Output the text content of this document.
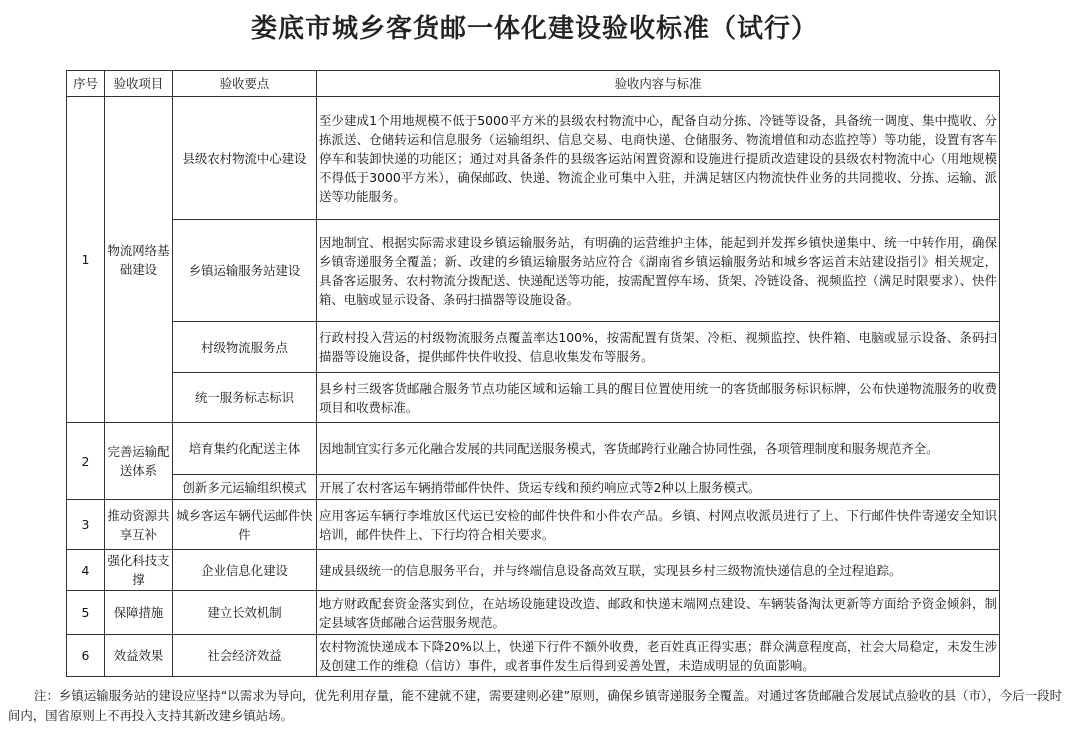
娄底市城乡客货邮一体化建设验收标准（试行）
序号	验收项目	验收要点	验收内容与标准
1	物流网络基础建设	县级农村物流中心建设	至少建成1个用地规模不低于5000平方米的县级农村物流中心，配备自动分拣、冷链等设备，具备统一调度、集中揽收、分拣派送、仓储转运和信息服务（运输组织、信息交易、电商快递、仓储服务、物流增值和动态监控等）等功能，设置有客车停车和装卸快递的功能区；通过对具备条件的县级客运站闲置资源和设施进行提质改造建设的县级农村物流中心（用地规模不得低于3000平方米），确保邮政、快递、物流企业可集中入驻，并满足辖区内物流快件业务的共同揽收、分拣、运输、派送等功能服务。
		乡镇运输服务站建设	因地制宜、根据实际需求建设乡镇运输服务站，有明确的运营维护主体，能起到并发挥乡镇快递集中、统一中转作用，确保乡镇寄递服务全覆盖；新、改建的乡镇运输服务站应符合《湖南省乡镇运输服务站和城乡客运首末站建设指引》相关规定，具备客运服务、农村物流分拨配送、快递配送等功能，按需配置停车场、货架、冷链设备、视频监控（满足时限要求）、快件箱、电脑或显示设备、条码扫描器等设施设备。
		村级物流服务点	行政村投入营运的村级物流服务点覆盖率达100%，按需配置有货架、冷柜、视频监控、快件箱、电脑或显示设备、条码扫描器等设施设备，提供邮件快件收投、信息收集发布等服务。
		统一服务标志标识	县乡村三级客货邮融合服务节点功能区域和运输工具的醒目位置使用统一的客货邮服务标识标牌，公布快递物流服务的收费项目和收费标准。
2	完善运输配送体系	培育集约化配送主体	因地制宜实行多元化融合发展的共同配送服务模式，客货邮跨行业融合协同性强，各项管理制度和服务规范齐全。
		创新多元运输组织模式	开展了农村客运车辆捎带邮件快件、货运专线和预约响应式等2种以上服务模式。
3	推动资源共享互补	城乡客运车辆代运邮件快件	应用客运车辆行李堆放区代运已安检的邮件快件和小件农产品。乡镇、村网点收派员进行了上、下行邮件快件寄递安全知识培训，邮件快件上、下行均符合相关要求。
4	强化科技支撑	企业信息化建设	建成县级统一的信息服务平台，并与终端信息设备高效互联，实现县乡村三级物流快递信息的全过程追踪。
5	保障措施	建立长效机制	地方财政配套资金落实到位，在站场设施建设改造、邮政和快递末端网点建设、车辆装备淘汰更新等方面给予资金倾斜，制定县域客货邮融合运营服务规范。
6	效益效果	社会经济效益	农村物流快递成本下降20%以上，快递下行件不额外收费，老百姓真正得实惠；群众满意程度高，社会大局稳定，未发生涉及创建工作的维稳（信访）事件，或者事件发生后得到妥善处置，未造成明显的负面影响。
注：乡镇运输服务站的建设应坚持“以需求为导向，优先利用存量，能不建就不建，需要建则必建”原则，确保乡镇寄递服务全覆盖。对通过客货邮融合发展试点验收的县（市），今后一段时间内，国省原则上不再投入支持其新改建乡镇站场。
